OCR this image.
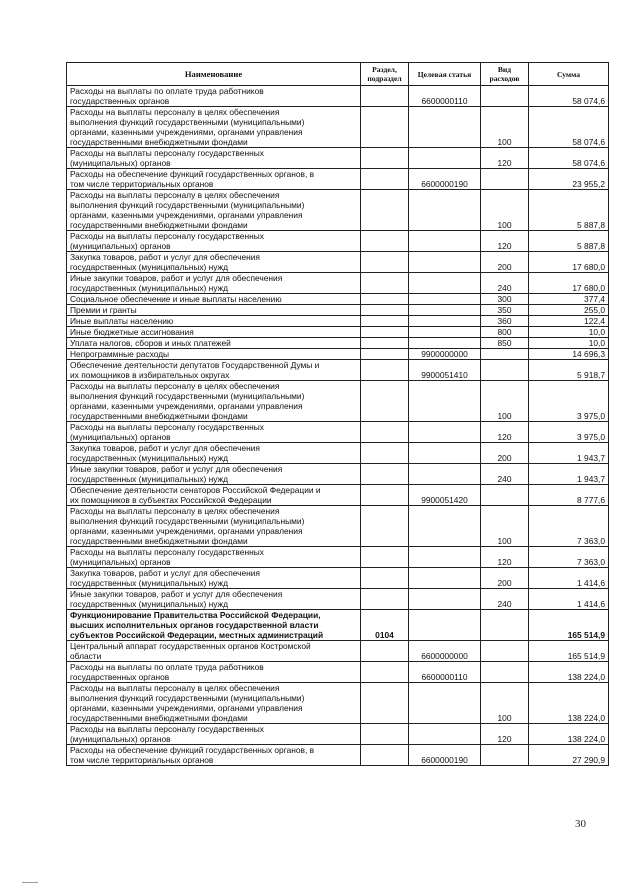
Наименование	Раздел, подраздел	Целевая статья	Вид расходов	Сумма

Расходы на выплаты по оплате труда работников
государственных органов		6600000110		58 074,6

Расходы на выплаты персоналу в целях обеспечения
выполнения функций государственными (муниципальными)
органами, казенными учреждениями, органами управления
государственными внебюджетными фондами			100	58 074,6

Расходы на выплаты персоналу государственных
(муниципальных) органов			120	58 074,6

Расходы на обеспечение функций государственных органов, в
том числе территориальных органов		6600000190		23 955,2

Расходы на выплаты персоналу в целях обеспечения
выполнения функций государственными (муниципальными)
органами, казенными учреждениями, органами управления
государственными внебюджетными фондами			100	5 887,8

Расходы на выплаты персоналу государственных
(муниципальных) органов			120	5 887,8

Закупка товаров, работ и услуг для обеспечения
государственных (муниципальных) нужд			200	17 680,0

Иные закупки товаров, работ и услуг для обеспечения
государственных (муниципальных) нужд			240	17 680,0

Социальное обеспечение и иные выплаты населению			300	377,4

Премии и гранты			350	255,0

Иные выплаты населению			360	122,4

Иные бюджетные ассигнования			800	10,0

Уплата налогов, сборов и иных платежей			850	10,0

Непрограммные расходы		9900000000		14 696,3

Обеспечение деятельности депутатов Государственной Думы и
их помощников в избирательных округах		9900051410		5 918,7

Расходы на выплаты персоналу в целях обеспечения
выполнения функций государственными (муниципальными)
органами, казенными учреждениями, органами управления
государственными внебюджетными фондами			100	3 975,0

Расходы на выплаты персоналу государственных
(муниципальных) органов			120	3 975,0

Закупка товаров, работ и услуг для обеспечения
государственных (муниципальных) нужд			200	1 943,7

Иные закупки товаров, работ и услуг для обеспечения
государственных (муниципальных) нужд			240	1 943,7

Обеспечение деятельности сенаторов Российской Федерации и
их помощников в субъектах Российской Федерации		9900051420		8 777,6

Расходы на выплаты персоналу в целях обеспечения
выполнения функций государственными (муниципальными)
органами, казенными учреждениями, органами управления
государственными внебюджетными фондами			100	7 363,0

Расходы на выплаты персоналу государственных
(муниципальных) органов			120	7 363,0

Закупка товаров, работ и услуг для обеспечения
государственных (муниципальных) нужд			200	1 414,6

Иные закупки товаров, работ и услуг для обеспечения
государственных (муниципальных) нужд			240	1 414,6

Функционирование Правительства Российской Федерации,
высших исполнительных органов государственной власти
субъектов Российской Федерации, местных администраций	0104			165 514,9

Центральный аппарат государственных органов Костромской
области		6600000000		165 514,9

Расходы на выплаты по оплате труда работников
государственных органов		6600000110		138 224,0

Расходы на выплаты персоналу в целях обеспечения
выполнения функций государственными (муниципальными)
органами, казенными учреждениями, органами управления
государственными внебюджетными фондами			100	138 224,0

Расходы на выплаты персоналу государственных
(муниципальных) органов			120	138 224,0

Расходы на обеспечение функций государственных органов, в
том числе территориальных органов		6600000190		27 290,9
30
